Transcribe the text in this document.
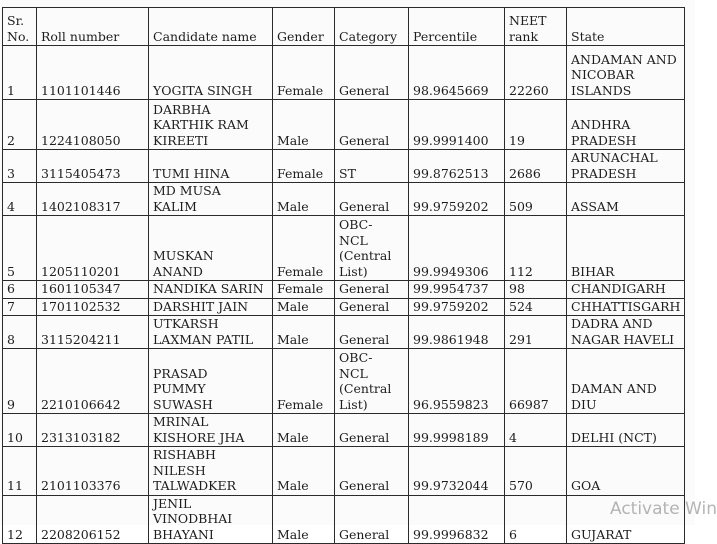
Sr.
No.	Roll number	Candidate name	Gender	Category	Percentile	NEET
rank	State
1	1101101446	YOGITA SINGH	Female	General	98.9645669	22260	ANDAMAN AND
NICOBAR
ISLANDS
2	1224108050	DARBHA
KARTHIK RAM
KIREETI	Male	General	99.9991400	19	ANDHRA
PRADESH
3	3115405473	TUMI HINA	Female	ST	99.8762513	2686	ARUNACHAL
PRADESH
4	1402108317	MD MUSA
KALIM	Male	General	99.9759202	509	ASSAM
5	1205110201	MUSKAN
ANAND	Female	OBC-
NCL
(Central
List)	99.9949306	112	BIHAR
6	1601105347	NANDIKA SARIN	Female	General	99.9954737	98	CHANDIGARH
7	1701102532	DARSHIT JAIN	Male	General	99.9759202	524	CHHATTISGARH
8	3115204211	UTKARSH
LAXMAN PATIL	Male	General	99.9861948	291	DADRA AND
NAGAR HAVELI
9	2210106642	PRASAD
PUMMY
SUWASH	Female	OBC-
NCL
(Central
List)	96.9559823	66987	DAMAN AND
DIU
10	2313103182	MRINAL
KISHORE JHA	Male	General	99.9998189	4	DELHI (NCT)
11	2101103376	RISHABH
NILESH
TALWADKER	Male	General	99.9732044	570	GOA
12	2208206152	JENIL
VINODBHAI
BHAYANI	Male	General	99.9996832	6	GUJARAT
Activate Win
